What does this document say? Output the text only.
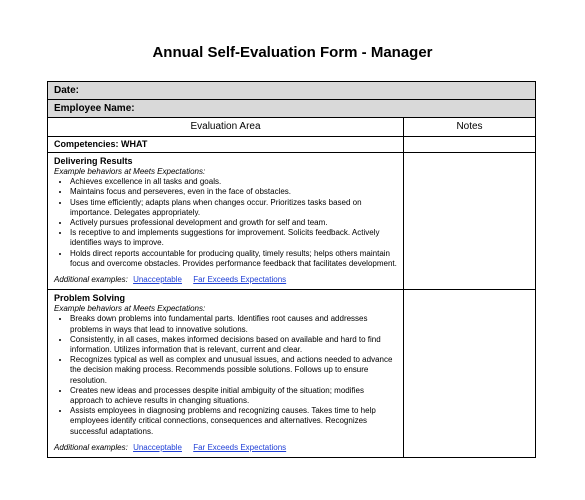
Annual Self-Evaluation Form - Manager
Date:
Employee Name:
Evaluation Area	Notes
Competencies: WHAT
Delivering Results
Example behaviors at Meets Expectations:
• Achieves excellence in all tasks and goals.
• Maintains focus and perseveres, even in the face of obstacles.
• Uses time efficiently; adapts plans when changes occur. Prioritizes tasks based on importance. Delegates appropriately.
• Actively pursues professional development and growth for self and team.
• Is receptive to and implements suggestions for improvement. Solicits feedback. Actively identifies ways to improve.
• Holds direct reports accountable for producing quality, timely results; helps others maintain focus and overcome obstacles. Provides performance feedback that facilitates development.
Additional examples: Unacceptable Far Exceeds Expectations
Problem Solving
Example behaviors at Meets Expectations:
• Breaks down problems into fundamental parts. Identifies root causes and addresses problems in ways that lead to innovative solutions.
• Consistently, in all cases, makes informed decisions based on available and hard to find information. Utilizes information that is relevant, current and clear.
• Recognizes typical as well as complex and unusual issues, and actions needed to advance the decision making process. Recommends possible solutions. Follows up to ensure resolution.
• Creates new ideas and processes despite initial ambiguity of the situation; modifies approach to achieve results in changing situations.
• Assists employees in diagnosing problems and recognizing causes. Takes time to help employees identify critical connections, consequences and alternatives. Recognizes successful adaptations.
Additional examples: Unacceptable Far Exceeds Expectations
